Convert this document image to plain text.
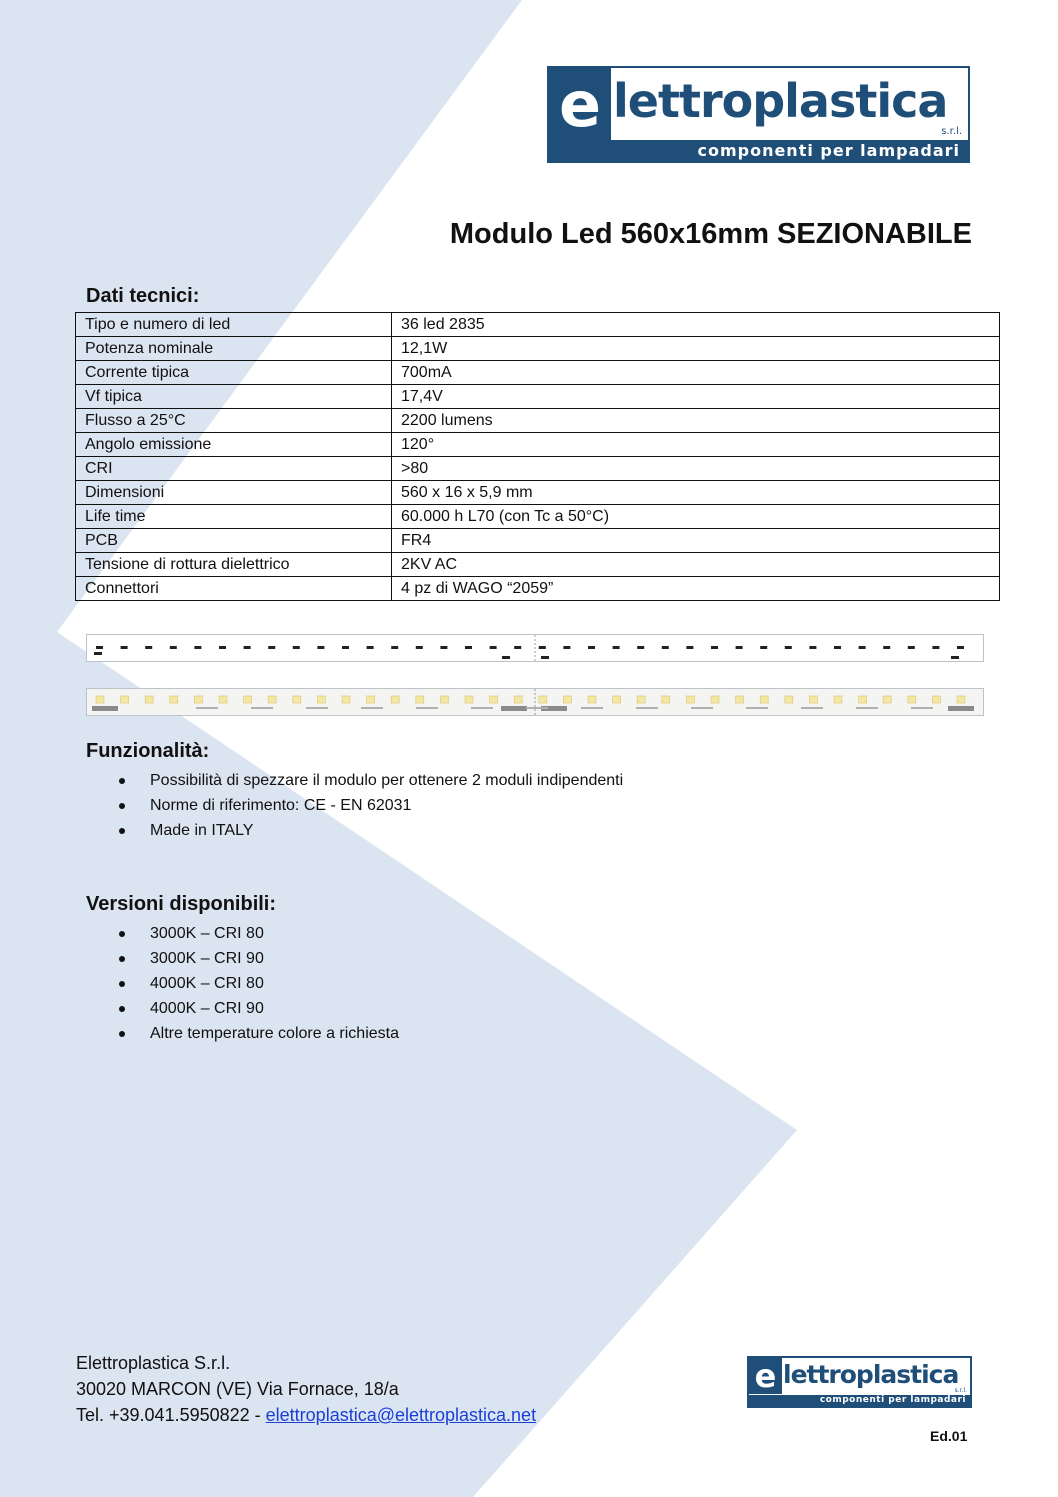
e lettroplastica
s.r.l.
componenti per lampadari
Modulo Led 560x16mm SEZIONABILE
Dati tecnici:
Tipo e numero di led	36 led 2835
Potenza nominale	12,1W
Corrente tipica	700mA
Vf tipica	17,4V
Flusso a 25°C	2200 lumens
Angolo emissione	120°
CRI	>80
Dimensioni	560 x 16 x 5,9 mm
Life time	60.000 h L70 (con Tc a 50°C)
PCB	FR4
Tensione di rottura dielettrico	2KV AC
Connettori	4 pz di WAGO “2059”
Funzionalità:
Possibilità di spezzare il modulo per ottenere 2 moduli indipendenti
Norme di riferimento: CE - EN 62031
Made in ITALY
Versioni disponibili:
3000K – CRI 80
3000K – CRI 90
4000K – CRI 80
4000K – CRI 90
Altre temperature colore a richiesta
Elettroplastica S.r.l.
30020 MARCON (VE) Via Fornace, 18/a
Tel. +39.041.5950822 - elettroplastica@elettroplastica.net
e lettroplastica
s.r.l.
componenti per lampadari
Ed.01
